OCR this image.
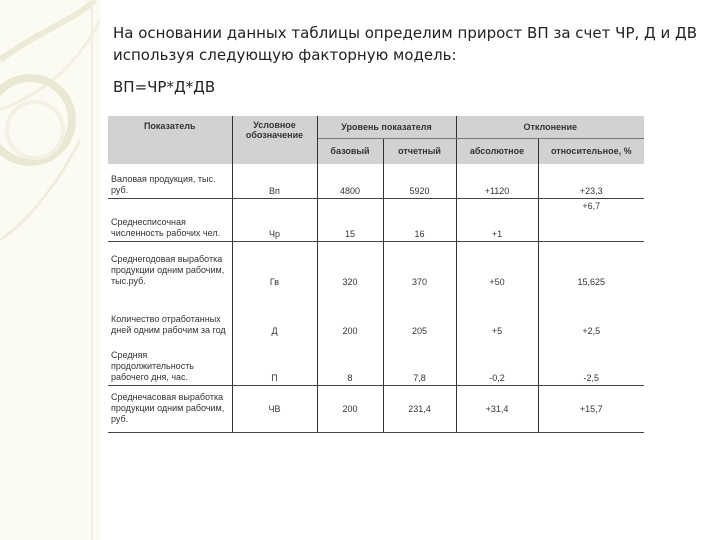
На основании данных таблицы определим прирост ВП за счет ЧР, Д и ДВ

используя следующую факторную модель:

ВП=ЧР*Д*ДВ

Показатель	Условное обозначение	Уровень показателя		Отклонение	
		базовый	отчетный	абсолютное	относительное, %
Валовая продукция, тыс. руб.	Вп	4800	5920	+1120	+23,3
Среднесписочная численность рабочих чел.	Чр	15	16	+1	+6,7
Среднегодовая выработка продукции одним рабочим, тыс.руб.	Гв	320	370	+50	15,625
Количество отработанных дней одним рабочим за год	Д	200	205	+5	+2,5
Средняя продолжительность рабочего дня, час.	П	8	7,8	-0,2	-2,5
Среднечасовая выработка продукции одним рабочим, руб.	ЧВ	200	231,4	+31,4	+15,7
